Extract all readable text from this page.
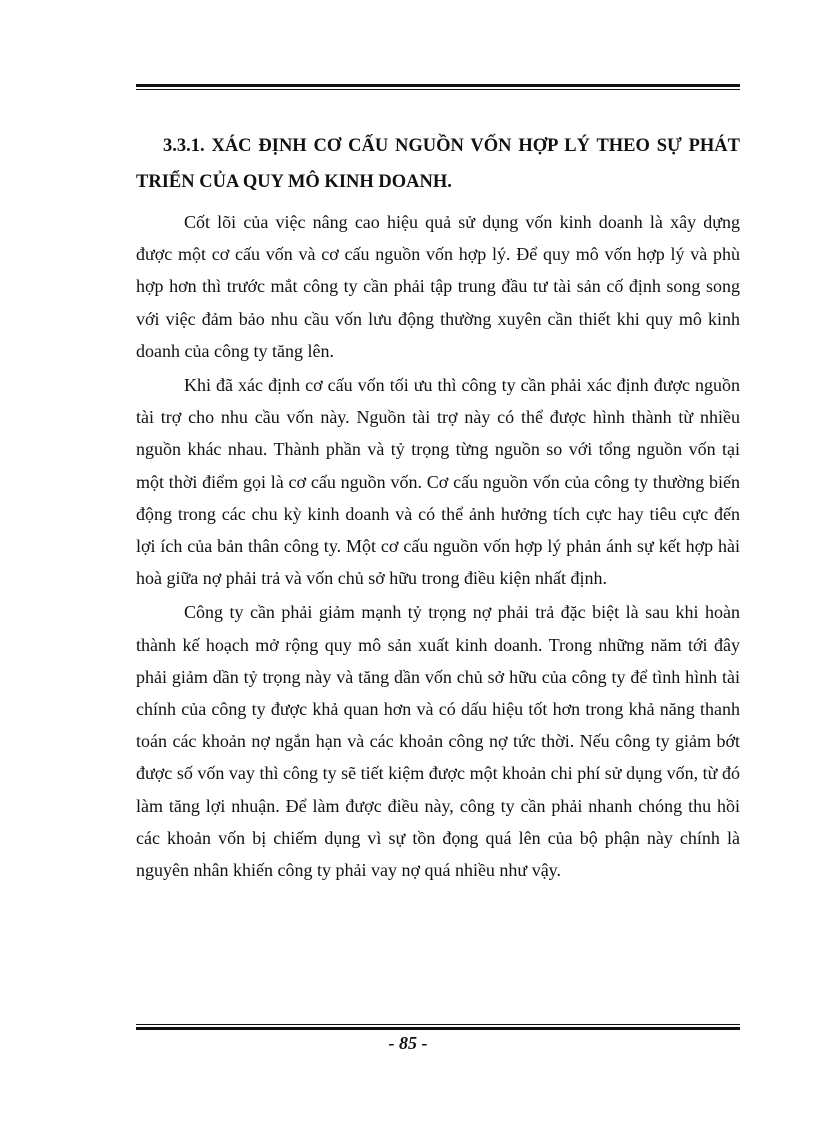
3.3.1. XÁC ĐỊNH CƠ CẤU NGUỒN VỐN HỢP LÝ THEO SỰ PHÁT TRIỂN CỦA QUY MÔ KINH DOANH.

Cốt lõi của việc nâng cao hiệu quả sử dụng vốn kinh doanh là xây dựng được một cơ cấu vốn và cơ cấu nguồn vốn hợp lý. Để quy mô vốn hợp lý và phù hợp hơn thì trước mắt công ty cần phải tập trung đầu tư tài sản cố định song song với việc đảm bảo nhu cầu vốn lưu động thường xuyên cần thiết khi quy mô kinh doanh của công ty tăng lên.

Khi đã xác định cơ cấu vốn tối ưu thì công ty cần phải xác định được nguồn tài trợ cho nhu cầu vốn này. Nguồn tài trợ này có thể được hình thành từ nhiều nguồn khác nhau. Thành phần và tỷ trọng từng nguồn so với tổng nguồn vốn tại một thời điểm gọi là cơ cấu nguồn vốn. Cơ cấu nguồn vốn của công ty thường biến động trong các chu kỳ kinh doanh và có thể ảnh hưởng tích cực hay tiêu cực đến lợi ích của bản thân công ty. Một cơ cấu nguồn vốn hợp lý phản ánh sự kết hợp hài hoà giữa nợ phải trả và vốn chủ sở hữu trong điều kiện nhất định.

Công ty cần phải giảm mạnh tỷ trọng nợ phải trả đặc biệt là sau khi hoàn thành kế hoạch mở rộng quy mô sản xuất kinh doanh. Trong những năm tới đây phải giảm dần tỷ trọng này và tăng dần vốn chủ sở hữu của công ty để tình hình tài chính của công ty được khả quan hơn và có dấu hiệu tốt hơn trong khả năng thanh toán các khoản nợ ngắn hạn và các khoản công nợ tức thời. Nếu công ty giảm bớt được số vốn vay thì công ty sẽ tiết kiệm được một khoản chi phí sử dụng vốn, từ đó làm tăng lợi nhuận. Để làm được điều này, công ty cần phải nhanh chóng thu hồi các khoản vốn bị chiếm dụng vì sự tồn đọng quá lên của bộ phận này chính là nguyên nhân khiến công ty phải vay nợ quá nhiều như vậy.

- 85 -
